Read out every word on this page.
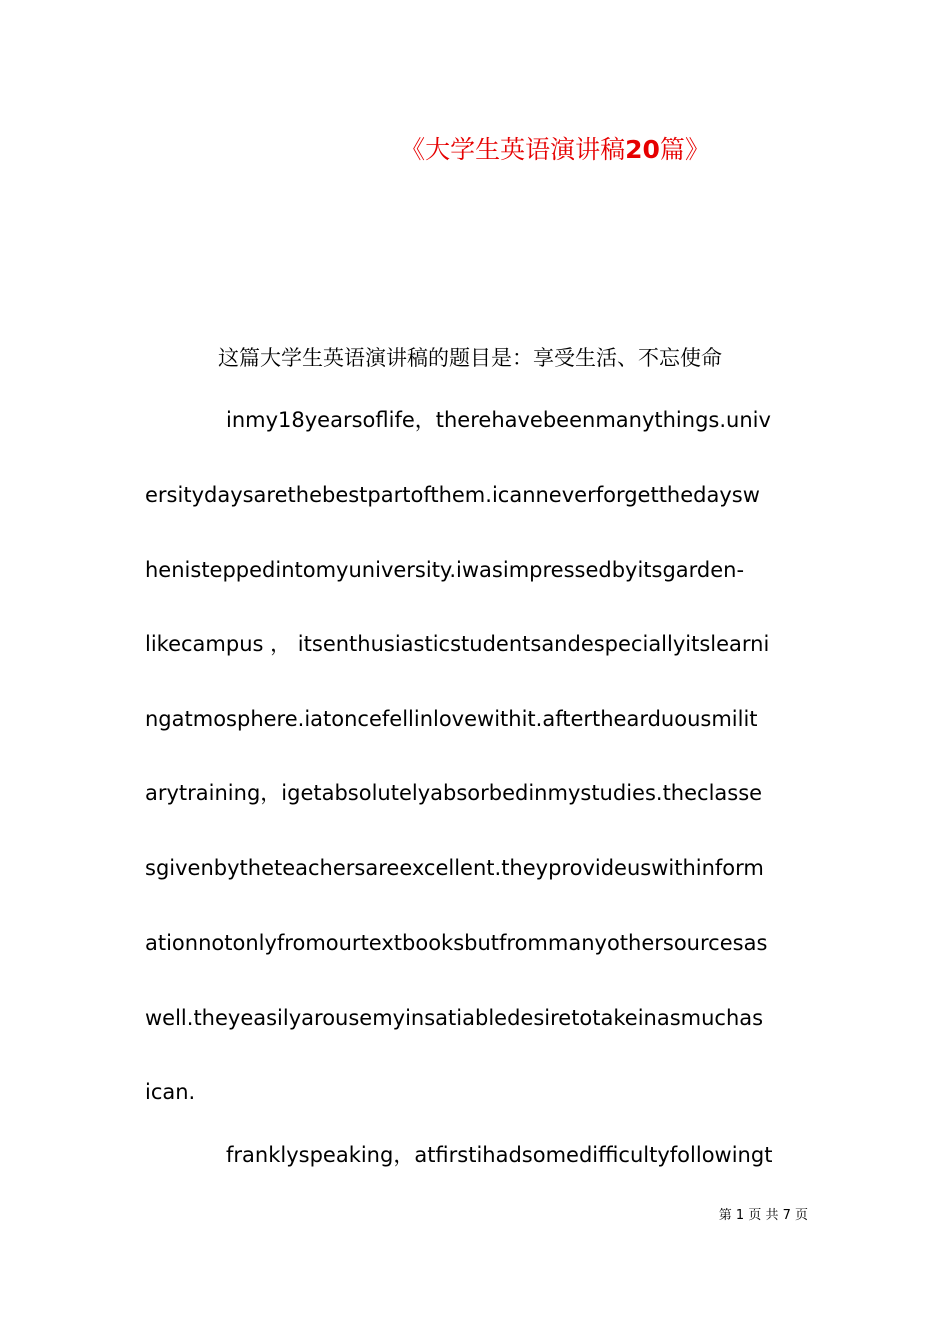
《大学生英语演讲稿20篇》
这篇大学生英语演讲稿的题目是：享受生活、不忘使命
inmy18yearsoflife，therehavebeenmanythings.univ
ersitydaysarethebestpartofthem.icanneverforgetthedaysw
henisteppedintomyuniversity.iwasimpressedbyitsgarden-
likecampus ， itsenthusiasticstudentsandespeciallyitslearni
ngatmosphere.iatoncefellinlovewithit.afterthearduousmilit
arytraining，igetabsolutelyabsorbedinmystudies.theclasse
sgivenbytheteachersareexcellent.theyprovideuswithinform
ationnotonlyfromourtextbooksbutfrommanyothersourcesas
well.theyeasilyarousemyinsatiabledesiretotakeinasmuchas
ican.
franklyspeaking，atfirstihadsomedifficultyfollowingt
第 1 页 共 7 页
